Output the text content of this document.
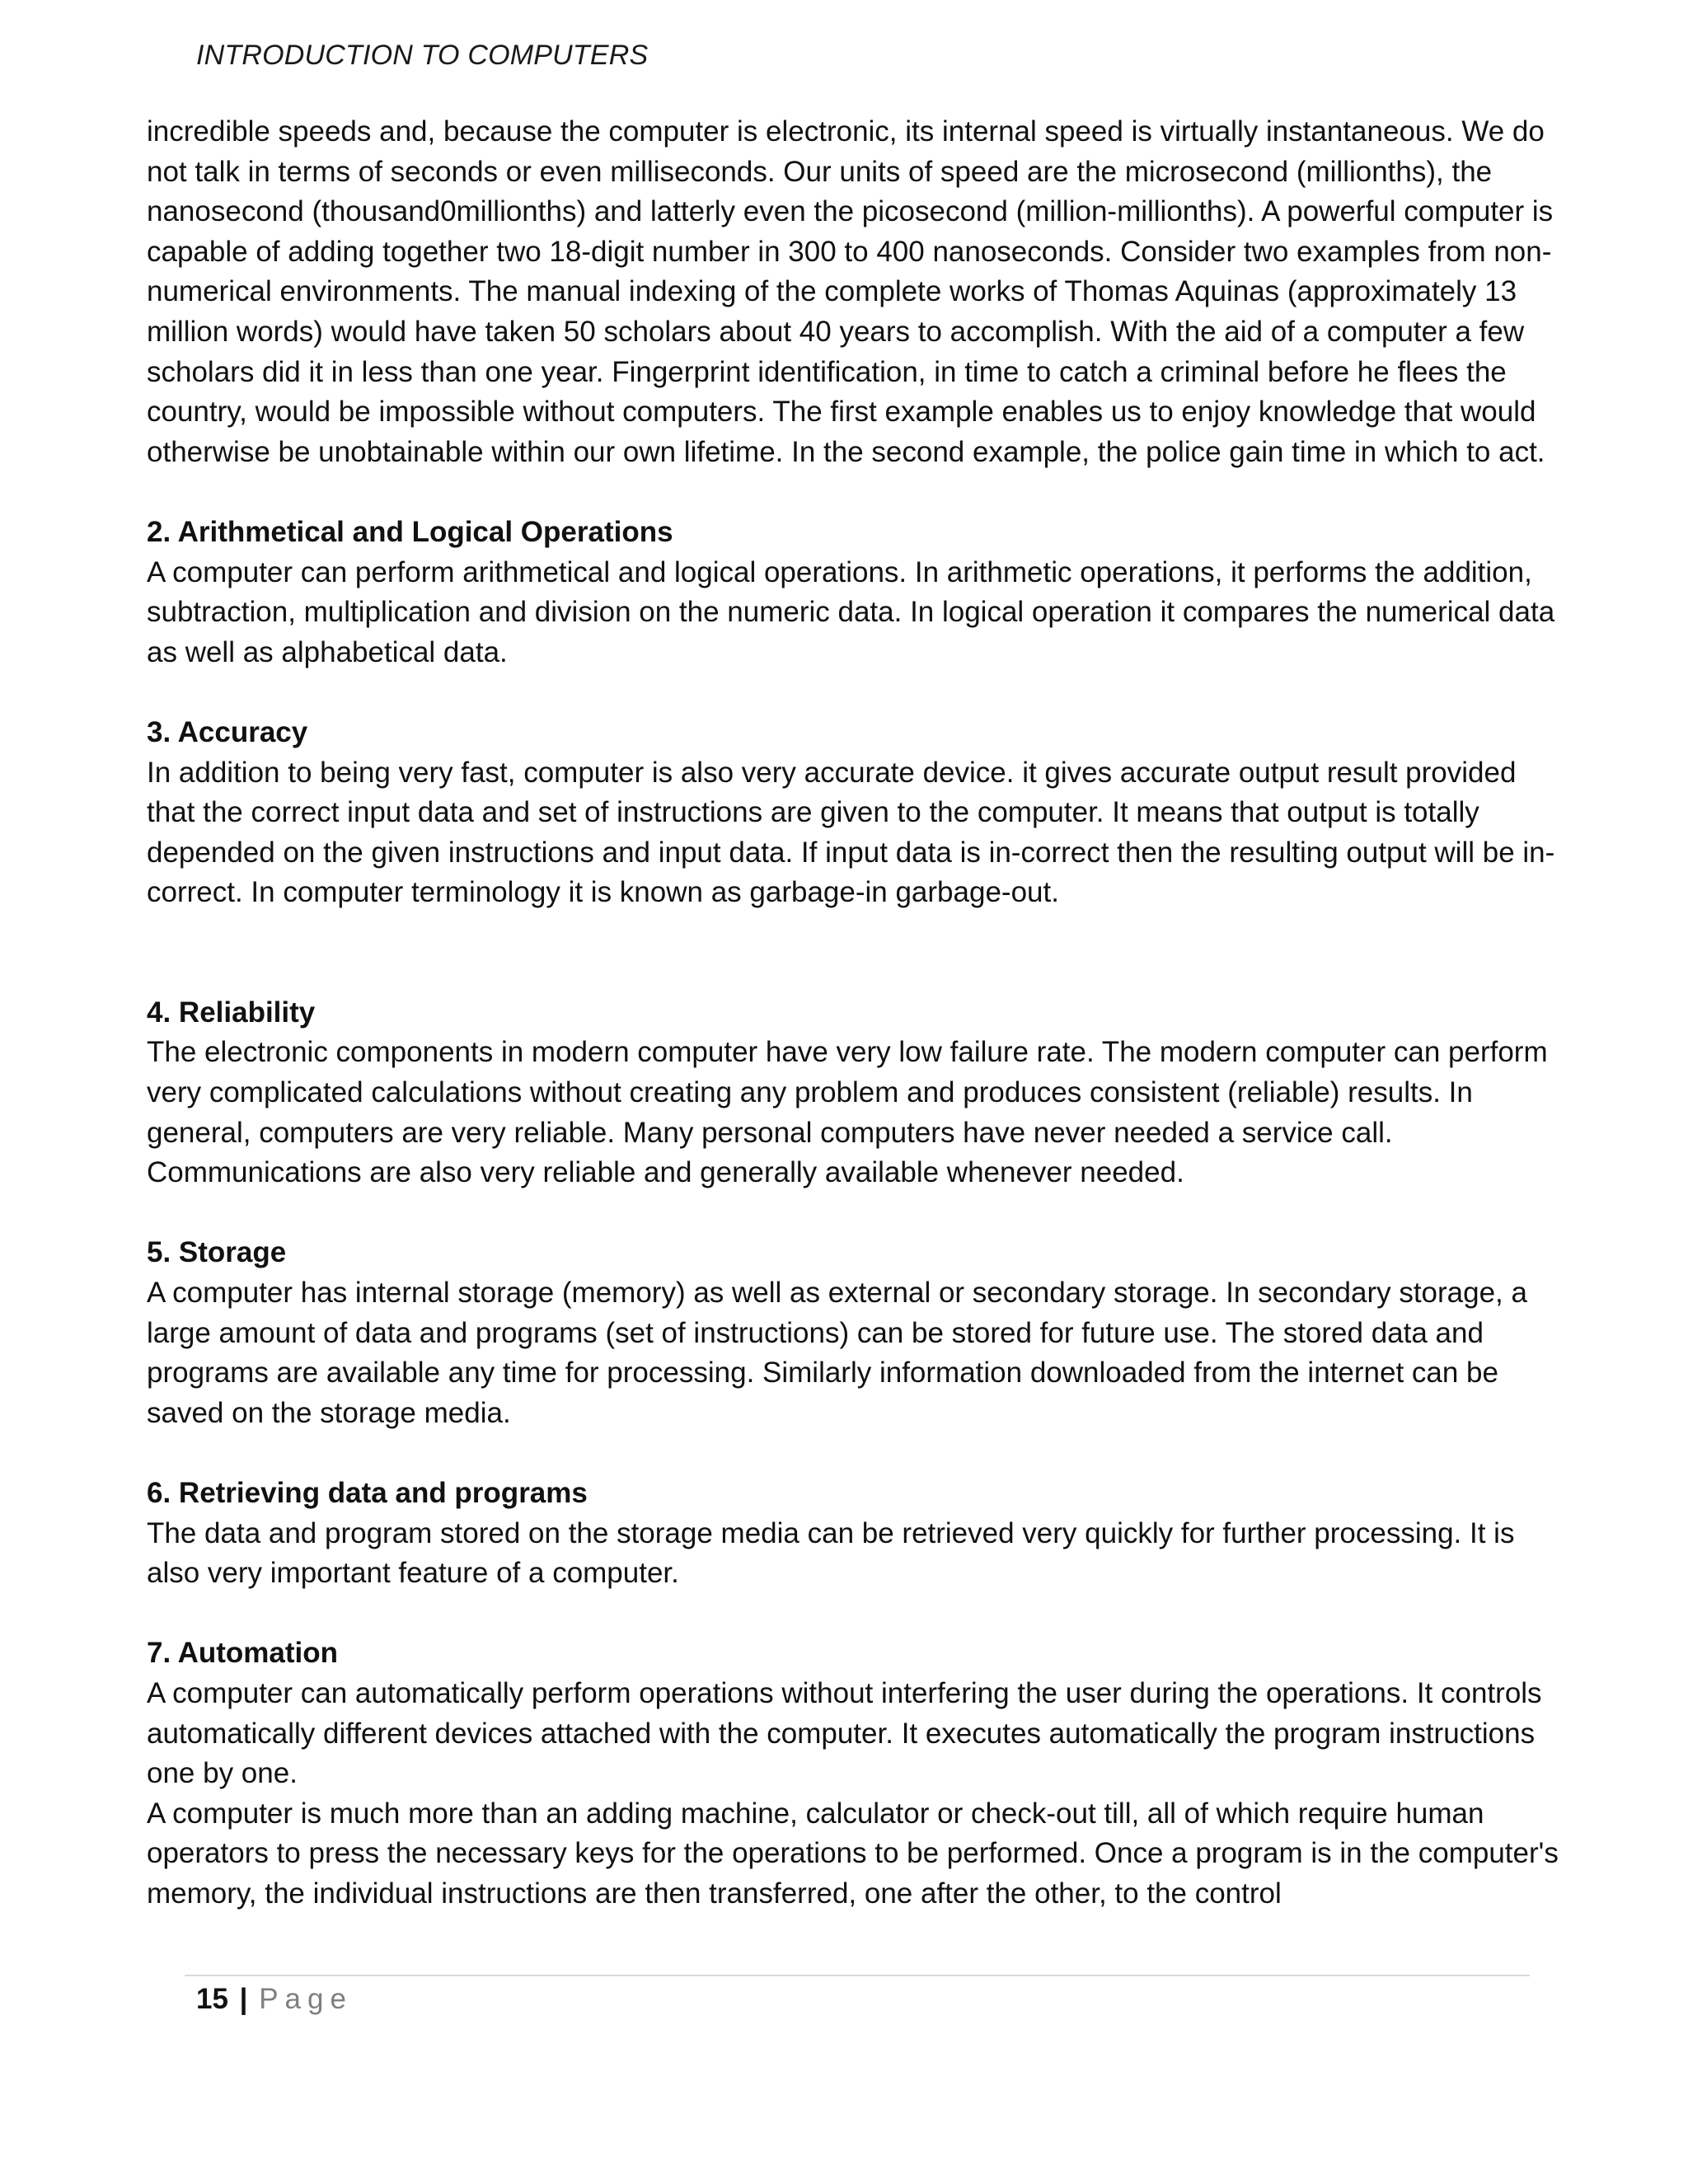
INTRODUCTION TO COMPUTERS

incredible speeds and, because the computer is electronic, its internal speed is virtually instantaneous. We do not talk in terms of seconds or even milliseconds. Our units of speed are the microsecond (millionths), the nanosecond (thousand0millionths) and latterly even the picosecond (million-millionths). A powerful computer is capable of adding together two 18-digit number in 300 to 400 nanoseconds. Consider two examples from non-numerical environments. The manual indexing of the complete works of Thomas Aquinas (approximately 13 million words) would have taken 50 scholars about 40 years to accomplish. With the aid of a computer a few scholars did it in less than one year. Fingerprint identification, in time to catch a criminal before he flees the country, would be impossible without computers. The first example enables us to enjoy knowledge that would otherwise be unobtainable within our own lifetime. In the second example, the police gain time in which to act.

2. Arithmetical and Logical Operations

A computer can perform arithmetical and logical operations. In arithmetic operations, it performs the addition, subtraction, multiplication and division on the numeric data. In logical operation it compares the numerical data as well as alphabetical data.

3. Accuracy

In addition to being very fast, computer is also very accurate device. it gives accurate output result provided that the correct input data and set of instructions are given to the computer. It means that output is totally depended on the given instructions and input data. If input data is in-correct then the resulting output will be in-correct. In computer terminology it is known as garbage-in garbage-out.

4. Reliability

The electronic components in modern computer have very low failure rate. The modern computer can perform very complicated calculations without creating any problem and produces consistent (reliable) results. In general, computers are very reliable. Many personal computers have never needed a service call. Communications are also very reliable and generally available whenever needed.

5. Storage

A computer has internal storage (memory) as well as external or secondary storage. In secondary storage, a large amount of data and programs (set of instructions) can be stored for future use. The stored data and programs are available any time for processing. Similarly information downloaded from the internet can be saved on the storage media.

6. Retrieving data and programs

The data and program stored on the storage media can be retrieved very quickly for further processing. It is also very important feature of a computer.

7. Automation

A computer can automatically perform operations without interfering the user during the operations. It controls automatically different devices attached with the computer. It executes automatically the program instructions one by one.

A computer is much more than an adding machine, calculator or check-out till, all of which require human operators to press the necessary keys for the operations to be performed. Once a program is in the computer's memory, the individual instructions are then transferred, one after the other, to the control

15 | Page
